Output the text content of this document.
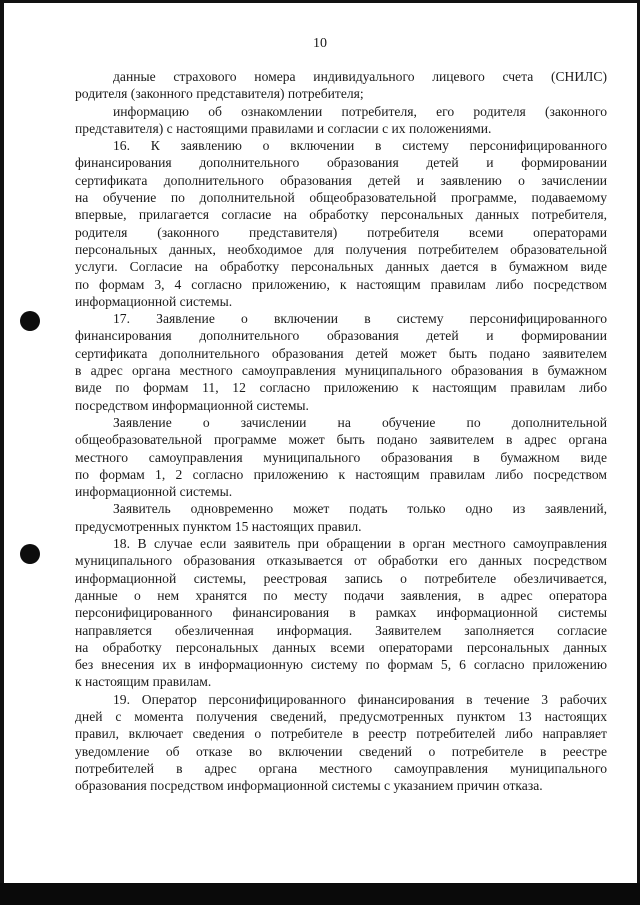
10
данные страхового номера индивидуального лицевого счета (СНИЛС)
родителя (законного представителя) потребителя;
информацию об ознакомлении потребителя, его родителя (законного
представителя) с настоящими правилами и согласии с их положениями.
16. К заявлению о включении в систему персонифицированного
финансирования дополнительного образования детей и формировании
сертификата дополнительного образования детей и заявлению о зачислении
на обучение по дополнительной общеобразовательной программе, подаваемому
впервые, прилагается согласие на обработку персональных данных потребителя,
родителя (законного представителя) потребителя всеми операторами
персональных данных, необходимое для получения потребителем образовательной
услуги. Согласие на обработку персональных данных дается в бумажном виде
по формам 3, 4 согласно приложению, к настоящим правилам либо посредством
информационной системы.
17. Заявление о включении в систему персонифицированного
финансирования дополнительного образования детей и формировании
сертификата дополнительного образования детей может быть подано заявителем
в адрес органа местного самоуправления муниципального образования в бумажном
виде по формам 11, 12 согласно приложению к настоящим правилам либо
посредством информационной системы.
Заявление о зачислении на обучение по дополнительной
общеобразовательной программе может быть подано заявителем в адрес органа
местного самоуправления муниципального образования в бумажном виде
по формам 1, 2 согласно приложению к настоящим правилам либо посредством
информационной системы.
Заявитель одновременно может подать только одно из заявлений,
предусмотренных пунктом 15 настоящих правил.
18. В случае если заявитель при обращении в орган местного самоуправления
муниципального образования отказывается от обработки его данных посредством
информационной системы, реестровая запись о потребителе обезличивается,
данные о нем хранятся по месту подачи заявления, в адрес оператора
персонифицированного финансирования в рамках информационной системы
направляется обезличенная информация. Заявителем заполняется согласие
на обработку персональных данных всеми операторами персональных данных
без внесения их в информационную систему по формам 5, 6 согласно приложению
к настоящим правилам.
19. Оператор персонифицированного финансирования в течение 3 рабочих
дней с момента получения сведений, предусмотренных пунктом 13 настоящих
правил, включает сведения о потребителе в реестр потребителей либо направляет
уведомление об отказе во включении сведений о потребителе в реестре
потребителей в адрес органа местного самоуправления муниципального
образования посредством информационной системы с указанием причин отказа.
